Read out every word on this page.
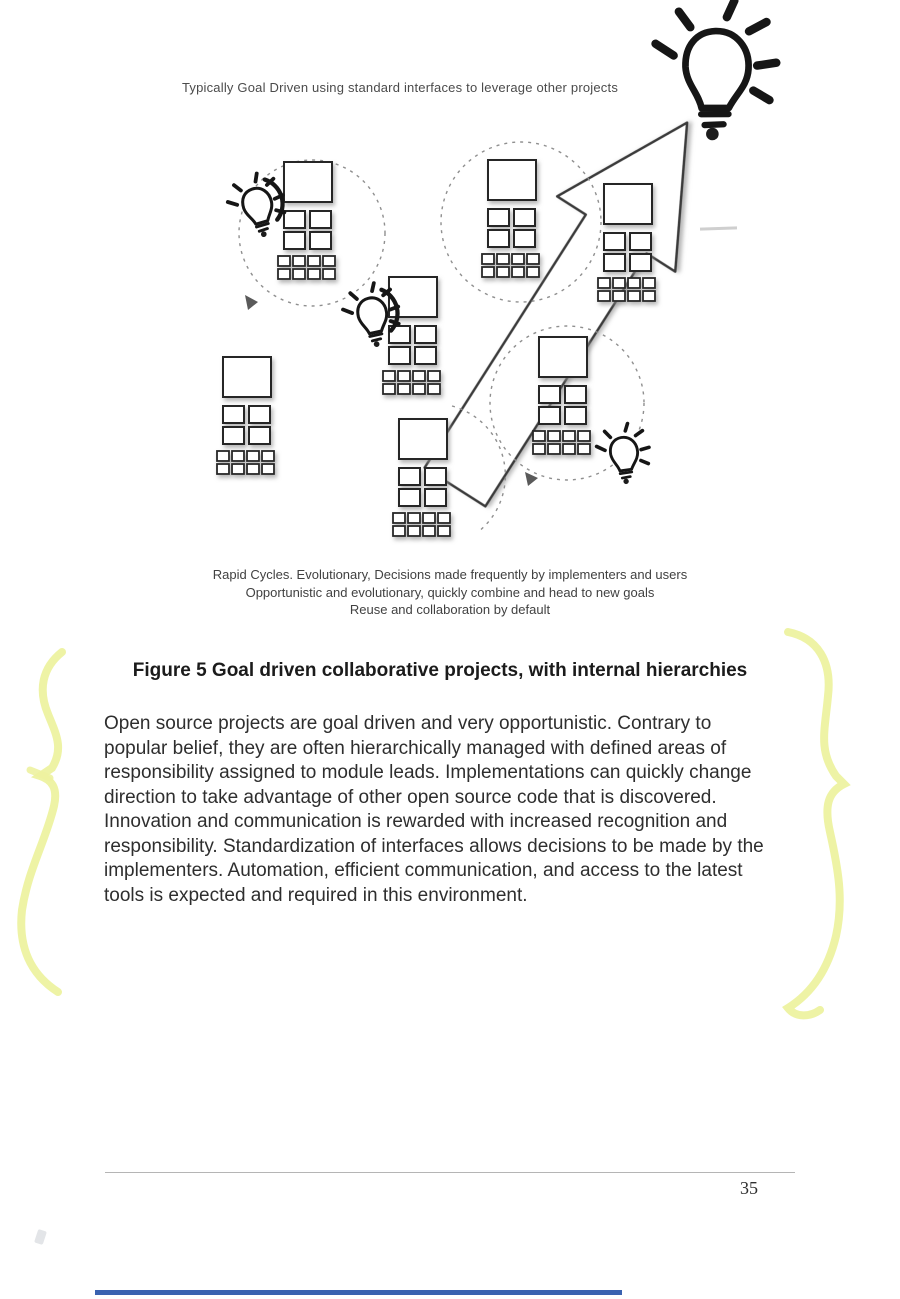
Typically Goal Driven using standard interfaces to leverage other projects
Rapid Cycles. Evolutionary, Decisions made frequently by implementers and users
Opportunistic and evolutionary, quickly combine and head to new goals
Reuse and collaboration by default
Figure 5 Goal driven collaborative projects, with internal hierarchies

Open source projects are goal driven and very opportunistic. Contrary to popular belief, they are often hierarchically managed with defined areas of responsibility assigned to module leads. Implementations can quickly change direction to take advantage of other open source code that is discovered. Innovation and communication is rewarded with increased recognition and responsibility. Standardization of interfaces allows decisions to be made by the implementers. Automation, efficient communication, and access to the latest tools is expected and required in this environment.

35
